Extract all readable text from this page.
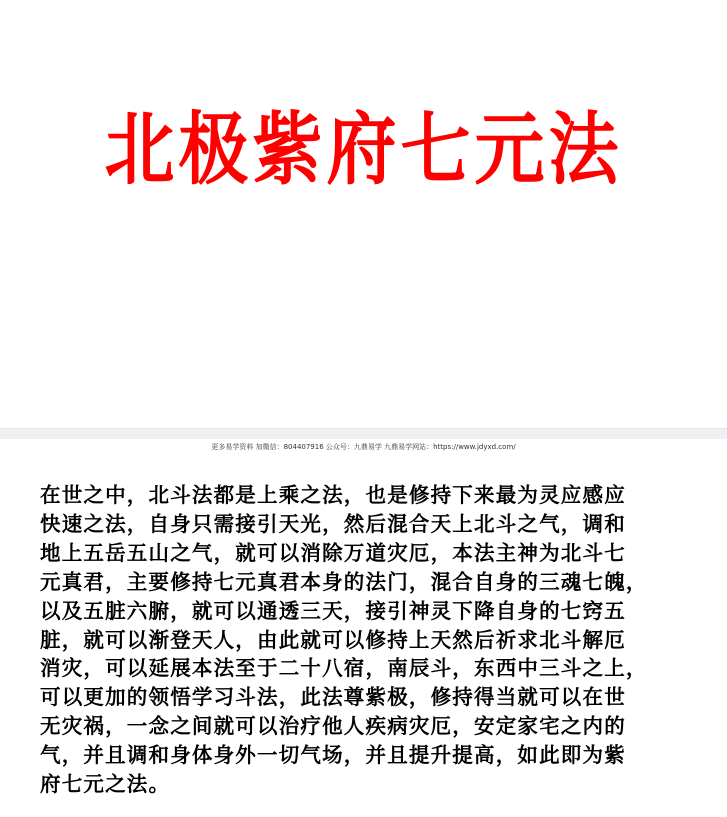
北极紫府七元法
更多易学资料 加微信：804407916 公众号：九鼎易学 九鼎易学网站：https://www.jdyxd.com/
在世之中，北斗法都是上乘之法，也是修持下来最为灵应感应
快速之法，自身只需接引天光，然后混合天上北斗之气，调和
地上五岳五山之气，就可以消除万道灾厄，本法主神为北斗七
元真君，主要修持七元真君本身的法门，混合自身的三魂七魄，
以及五脏六腑，就可以通透三天，接引神灵下降自身的七窍五
脏，就可以渐登天人，由此就可以修持上天然后祈求北斗解厄
消灾，可以延展本法至于二十八宿，南辰斗，东西中三斗之上，
可以更加的领悟学习斗法，此法尊紫极，修持得当就可以在世
无灾祸，一念之间就可以治疗他人疾病灾厄，安定家宅之内的
气，并且调和身体身外一切气场，并且提升提高，如此即为紫
府七元之法。
